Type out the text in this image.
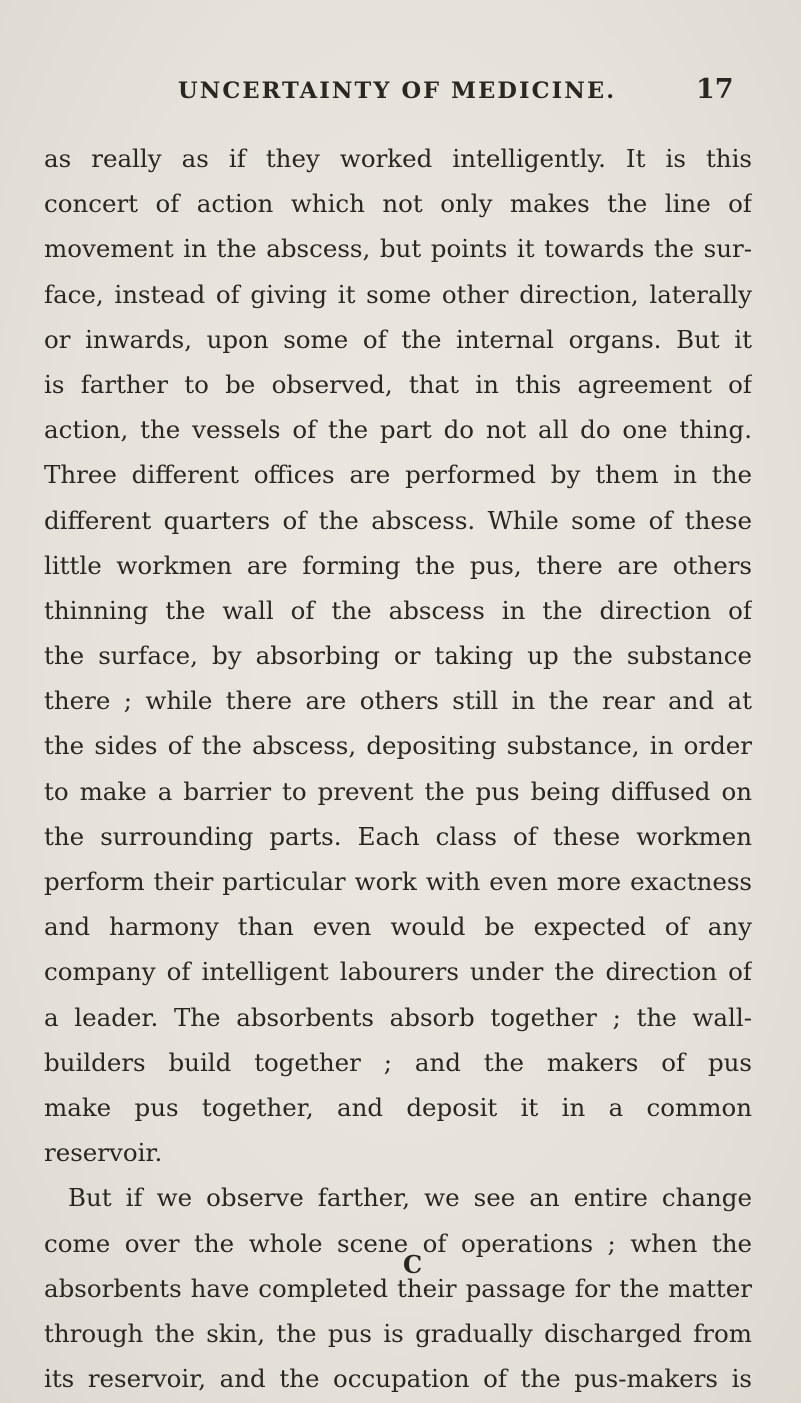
UNCERTAINTY OF MEDICINE.	17
as really as if they worked intelligently. It is this
concert of action which not only makes the line of
movement in the abscess, but points it towards the sur-
face, instead of giving it some other direction, laterally
or inwards, upon some of the internal organs. But it
is farther to be observed, that in this agreement of
action, the vessels of the part do not all do one thing.
Three different offices are performed by them in the
different quarters of the abscess. While some of these
little workmen are forming the pus, there are others
thinning the wall of the abscess in the direction of
the surface, by absorbing or taking up the substance
there ; while there are others still in the rear and at
the sides of the abscess, depositing substance, in order
to make a barrier to prevent the pus being diffused on
the surrounding parts. Each class of these workmen
perform their particular work with even more exactness
and harmony than even would be expected of any
company of intelligent labourers under the direction of
a leader. The absorbents absorb together ; the wall-
builders build together ; and the makers of pus
make pus together, and deposit it in a common
reservoir.
But if we observe farther, we see an entire change
come over the whole scene of operations ; when the
absorbents have completed their passage for the matter
through the skin, the pus is gradually discharged from
its reservoir, and the occupation of the pus-makers is
C
